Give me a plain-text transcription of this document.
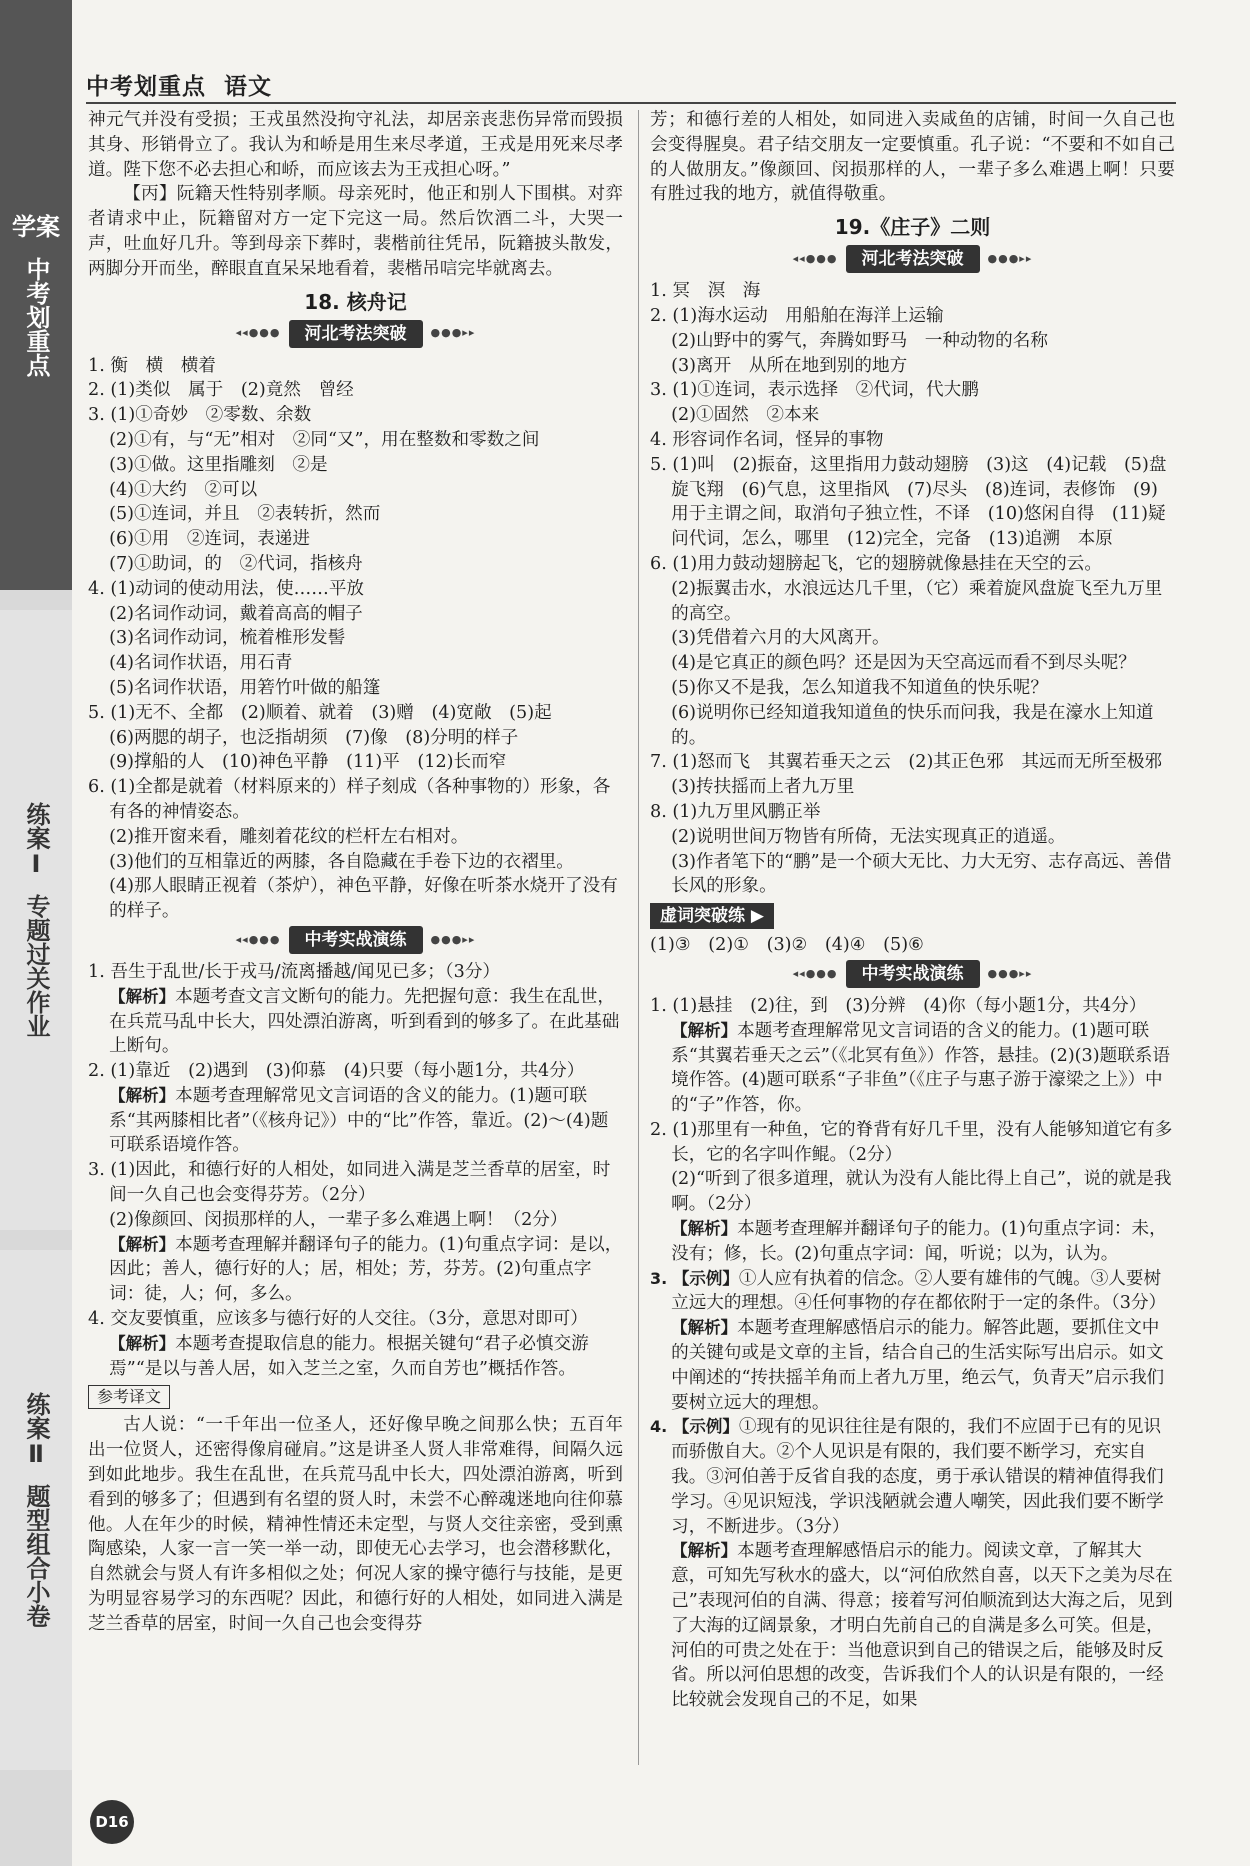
学案
中考划重点
练案Ⅰ
专题过关作业
练案Ⅱ
题型组合小卷
中考划重点 语文

神元气并没有受损；王戎虽然没拘守礼法，却居亲丧悲伤异常而毁损其身、形销骨立了。我认为和峤是用生来尽孝道，王戎是用死来尽孝道。陛下您不必去担心和峤，而应该去为王戎担心呀。”

【丙】阮籍天性特别孝顺。母亲死时，他正和别人下围棋。对弈者请求中止，阮籍留对方一定下完这一局。然后饮酒二斗，大哭一声，吐血好几升。等到母亲下葬时，裴楷前往凭吊，阮籍披头散发，两脚分开而坐，醉眼直直呆呆地看着，裴楷吊唁完毕就离去。

18. 核舟记
◂◂●●●	河北考法突破	●●●▸▸

1. 衡　横　横着

2. (1)类似　属于　(2)竟然　曾经

3. (1)①奇妙　②零数、余数

(2)①有，与“无”相对　②同“又”，用在整数和零数之间

(3)①做。这里指雕刻　②是

(4)①大约　②可以

(5)①连词，并且　②表转折，然而

(6)①用　②连词，表递进

(7)①助词，的　②代词，指核舟

4. (1)动词的使动用法，使……平放

(2)名词作动词，戴着高高的帽子

(3)名词作动词，梳着椎形发髻

(4)名词作状语，用石青

(5)名词作状语，用箬竹叶做的船篷

5. (1)无不、全都　(2)顺着、就着　(3)赠　(4)宽敞　(5)起

(6)两腮的胡子，也泛指胡须　(7)像　(8)分明的样子

(9)撑船的人　(10)神色平静　(11)平　(12)长而窄

6. (1)全都是就着（材料原来的）样子刻成（各种事物的）形象，各有各的神情姿态。

(2)推开窗来看，雕刻着花纹的栏杆左右相对。

(3)他们的互相靠近的两膝，各自隐藏在手卷下边的衣褶里。

(4)那人眼睛正视着（茶炉），神色平静，好像在听茶水烧开了没有的样子。

◂◂●●●	中考实战演练	●●●▸▸

1. 吾生于乱世/长于戎马/流离播越/闻见已多；（3分）

【解析】本题考查文言文断句的能力。先把握句意：我生在乱世，在兵荒马乱中长大，四处漂泊游离，听到看到的够多了。在此基础上断句。

2. (1)靠近　(2)遇到　(3)仰慕　(4)只要（每小题1分，共4分）

【解析】本题考查理解常见文言词语的含义的能力。(1)题可联系“其两膝相比者”（《核舟记》）中的“比”作答，靠近。(2)～(4)题可联系语境作答。

3. (1)因此，和德行好的人相处，如同进入满是芝兰香草的居室，时间一久自己也会变得芬芳。（2分）

(2)像颜回、闵损那样的人，一辈子多么难遇上啊！（2分）

【解析】本题考查理解并翻译句子的能力。(1)句重点字词：是以，因此；善人，德行好的人；居，相处；芳，芬芳。(2)句重点字词：徒，人；何，多么。

4. 交友要慎重，应该多与德行好的人交往。（3分，意思对即可）

【解析】本题考查提取信息的能力。根据关键句“君子必慎交游焉”“是以与善人居，如入芝兰之室，久而自芳也”概括作答。

参考译文

古人说：“一千年出一位圣人，还好像早晚之间那么快；五百年出一位贤人，还密得像肩碰肩。”这是讲圣人贤人非常难得，间隔久远到如此地步。我生在乱世，在兵荒马乱中长大，四处漂泊游离，听到看到的够多了；但遇到有名望的贤人时，未尝不心醉魂迷地向往仰慕他。人在年少的时候，精神性情还未定型，与贤人交往亲密，受到熏陶感染，人家一言一笑一举一动，即使无心去学习，也会潜移默化，自然就会与贤人有许多相似之处；何况人家的操守德行与技能，是更为明显容易学习的东西呢？因此，和德行好的人相处，如同进入满是芝兰香草的居室，时间一久自己也会变得芬

芳；和德行差的人相处，如同进入卖咸鱼的店铺，时间一久自己也会变得腥臭。君子结交朋友一定要慎重。孔子说：“不要和不如自己的人做朋友。”像颜回、闵损那样的人，一辈子多么难遇上啊！只要有胜过我的地方，就值得敬重。

19.《庄子》二则
◂◂●●●	河北考法突破	●●●▸▸

1. 冥　溟　海

2. (1)海水运动　用船舶在海洋上运输

(2)山野中的雾气，奔腾如野马　一种动物的名称

(3)离开　从所在地到别的地方

3. (1)①连词，表示选择　②代词，代大鹏

(2)①固然　②本来

4. 形容词作名词，怪异的事物

5. (1)叫　(2)振奋，这里指用力鼓动翅膀　(3)这　(4)记载　(5)盘旋飞翔　(6)气息，这里指风　(7)尽头　(8)连词，表修饰　(9)用于主谓之间，取消句子独立性，不译　(10)悠闲自得　(11)疑问代词，怎么，哪里　(12)完全，完备　(13)追溯　本原

6. (1)用力鼓动翅膀起飞，它的翅膀就像悬挂在天空的云。

(2)振翼击水，水浪远达几千里，（它）乘着旋风盘旋飞至九万里的高空。

(3)凭借着六月的大风离开。

(4)是它真正的颜色吗？还是因为天空高远而看不到尽头呢？

(5)你又不是我，怎么知道我不知道鱼的快乐呢？

(6)说明你已经知道我知道鱼的快乐而问我，我是在濠水上知道的。

7. (1)怒而飞　其翼若垂天之云　(2)其正色邪　其远而无所至极邪　(3)抟扶摇而上者九万里

8. (1)九万里风鹏正举

(2)说明世间万物皆有所倚，无法实现真正的逍遥。

(3)作者笔下的“鹏”是一个硕大无比、力大无穷、志存高远、善借长风的形象。

虚词突破练 ▶

(1)③　(2)①　(3)②　(4)④　(5)⑥

◂◂●●●	中考实战演练	●●●▸▸

1. (1)悬挂　(2)往，到　(3)分辨　(4)你（每小题1分，共4分）

【解析】本题考查理解常见文言词语的含义的能力。(1)题可联系“其翼若垂天之云”（《北冥有鱼》）作答，悬挂。(2)(3)题联系语境作答。(4)题可联系“子非鱼”（《庄子与惠子游于濠梁之上》）中的“子”作答，你。

2. (1)那里有一种鱼，它的脊背有好几千里，没有人能够知道它有多长，它的名字叫作鲲。（2分）

(2)“听到了很多道理，就认为没有人能比得上自己”，说的就是我啊。（2分）

【解析】本题考查理解并翻译句子的能力。(1)句重点字词：未，没有；修，长。(2)句重点字词：闻，听说；以为，认为。

3. 【示例】①人应有执着的信念。②人要有雄伟的气魄。③人要树立远大的理想。④任何事物的存在都依附于一定的条件。（3分）

【解析】本题考查理解感悟启示的能力。解答此题，要抓住文中的关键句或是文章的主旨，结合自己的生活实际写出启示。如文中阐述的“抟扶摇羊角而上者九万里，绝云气，负青天”启示我们要树立远大的理想。

4. 【示例】①现有的见识往往是有限的，我们不应固于已有的见识而骄傲自大。②个人见识是有限的，我们要不断学习，充实自我。③河伯善于反省自我的态度，勇于承认错误的精神值得我们学习。④见识短浅，学识浅陋就会遭人嘲笑，因此我们要不断学习，不断进步。（3分）

【解析】本题考查理解感悟启示的能力。阅读文章，了解其大意，可知先写秋水的盛大，以“河伯欣然自喜，以天下之美为尽在己”表现河伯的自满、得意；接着写河伯顺流到达大海之后，见到了大海的辽阔景象，才明白先前自己的自满是多么可笑。但是，河伯的可贵之处在于：当他意识到自己的错误之后，能够及时反省。所以河伯思想的改变，告诉我们个人的认识是有限的，一经比较就会发现自己的不足，如果

D16
